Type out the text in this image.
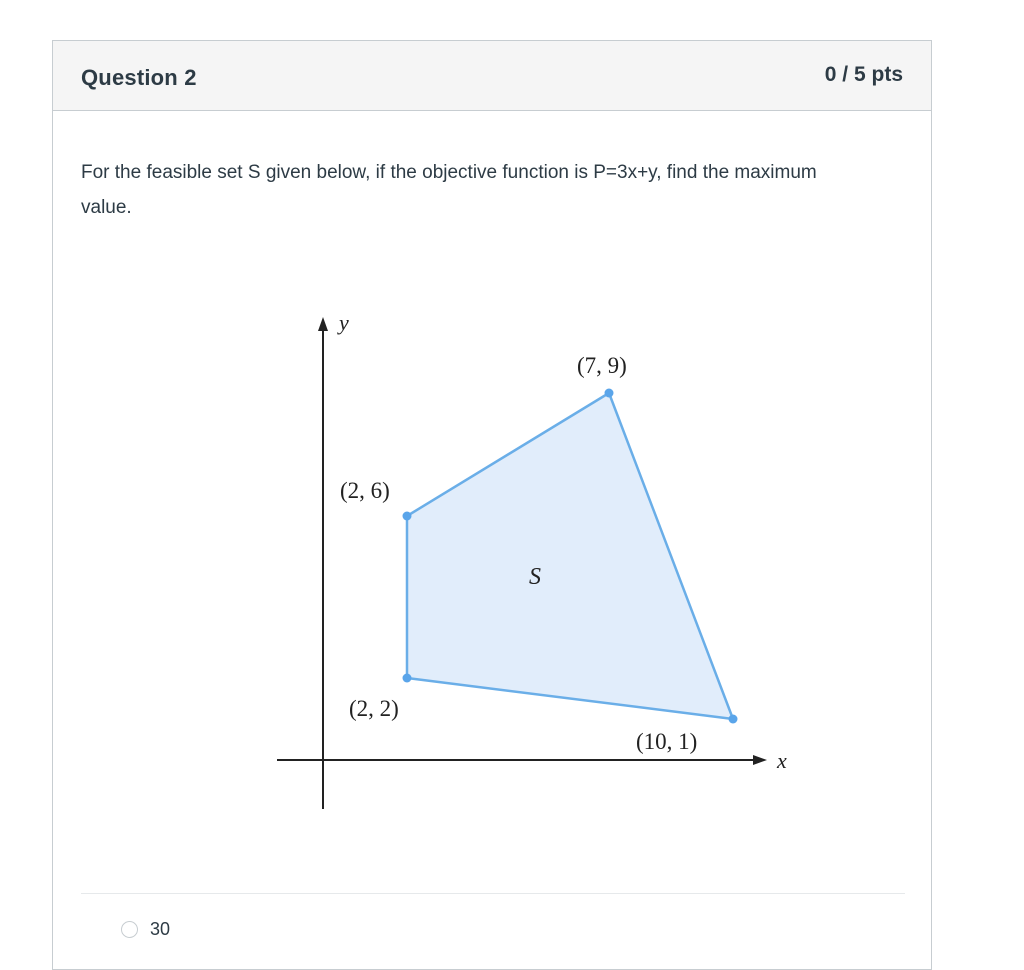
Question 2	0 / 5 pts
For the feasible set S given below, if the objective function is P=3x+y, find the maximum value.
y
x
(7, 9)
(2, 6)
(2, 2)
(10, 1)
S
30
